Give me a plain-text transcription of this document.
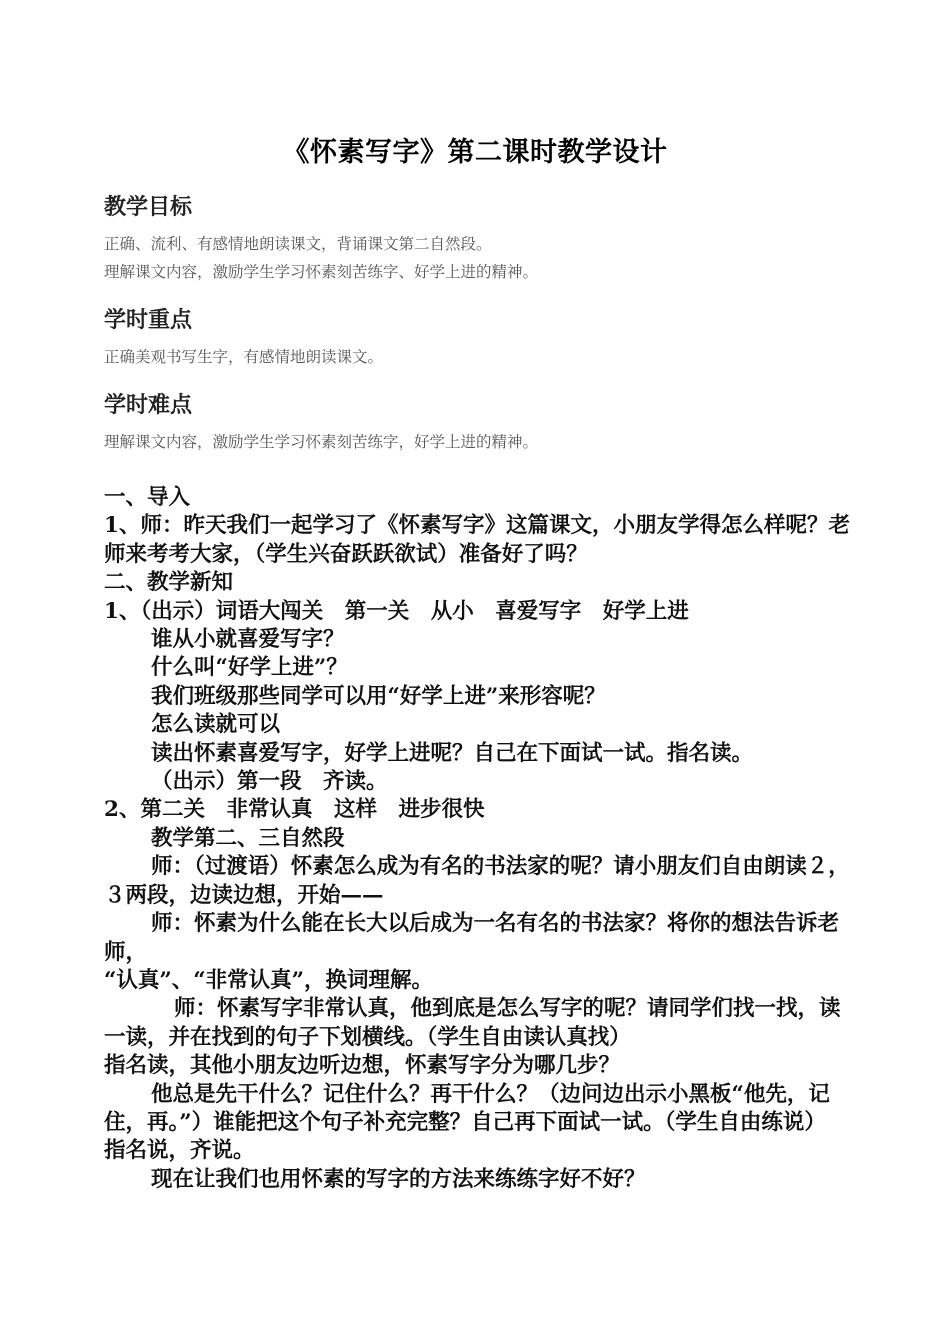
《怀素写字》第二课时教学设计
教学目标

正确、流利、有感情地朗读课文，背诵课文第二自然段。

理解课文内容，激励学生学习怀素刻苦练字、好学上进的精神。

学时重点

正确美观书写生字，有感情地朗读课文。

学时难点

理解课文内容，激励学生学习怀素刻苦练字，好学上进的精神。

一、导入

1、师：昨天我们一起学习了《怀素写字》这篇课文，小朋友学得怎么样呢？老师来考考大家，（学生兴奋跃跃欲试）准备好了吗？

二、教学新知

1、（出示）词语大闯关　第一关　从小　喜爱写字　好学上进

谁从小就喜爱写字？

什么叫“好学上进”？

我们班级那些同学可以用“好学上进”来形容呢？

怎么读就可以

读出怀素喜爱写字，好学上进呢？自己在下面试一试。指名读。

（出示）第一段　齐读。

2、第二关　非常认真　这样　进步很快

教学第二、三自然段

师：（过渡语）怀素怎么成为有名的书法家的呢？请小朋友们自由朗读２，３两段，边读边想，开始——

师：怀素为什么能在长大以后成为一名有名的书法家？将你的想法告诉老师，

“认真”、“非常认真”，换词理解。

师：怀素写字非常认真，他到底是怎么写字的呢？请同学们找一找，读一读，并在找到的句子下划横线。（学生自由读认真找）

指名读，其他小朋友边听边想，怀素写字分为哪几步？

他总是先干什么？记住什么？再干什么？（边问边出示小黑板“他先，记住，再。”）谁能把这个句子补充完整？自己再下面试一试。（学生自由练说）

指名说，齐说。

现在让我们也用怀素的写字的方法来练练字好不好？
